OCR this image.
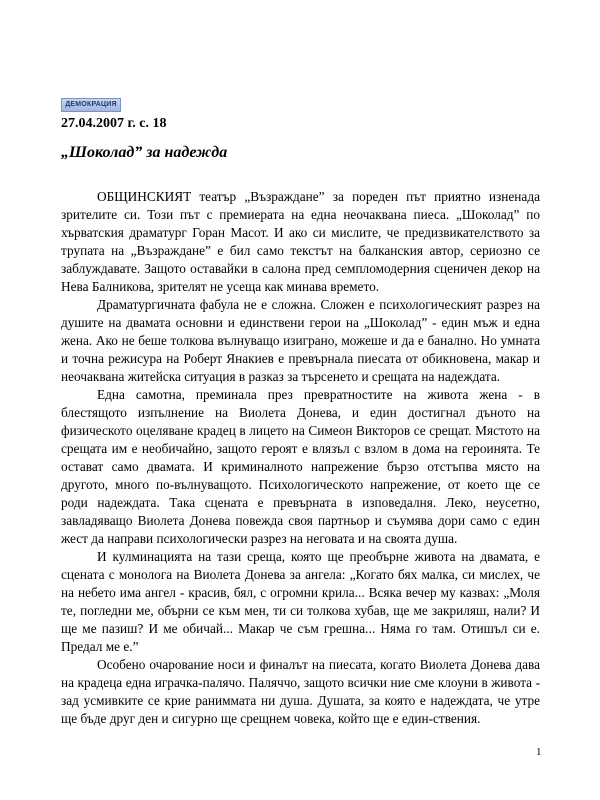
ДЕМОКРАЦИЯ
27.04.2007 г. с. 18
„Шоколад” за надежда

ОБЩИНСКИЯТ театър „Възраждане” за пореден път приятно изненада зрителите си. Този път с премиерата на една неочаквана пиеса. „Шоколад” по хърватския драматург Горан Масот. И ако си мислите, че предизвикателството за трупата на „Възраждане” е бил само текстът на балканския автор, сериозно се заблуждавате. Защото оставайки в салона пред семпломодерния сценичен декор на Нева Балникова, зрителят не усеща как минава времето.

Драматургичната фабула не е сложна. Сложен е психологическият разрез на душите на двамата основни и единствени герои на „Шоколад” - един мъж и една жена. Ако не беше толкова вълнуващо изиграно, можеше и да е банално. Но умната и точна режисура на Роберт Янакиев е превърнала пиесата от обикновена, макар и неочаквана житейска ситуация в разказ за търсенето и срещата на надеждата.

Една самотна, преминала през превратностите на живота жена - в блестящото изпълнение на Виолета Донева, и един достигнал дъното на физическото оцеляване крадец в лицето на Симеон Викторов се срещат. Мястото на срещата им е необичайно, защото героят е влязъл с взлом в дома на героинята. Те остават само двамата. И криминалното напрежение бързо отстъпва място на другото, много по-вълнуващото. Психологическото напрежение, от което ще се роди надеждата. Така сцената е превърната в изповедалня. Леко, неусетно, завладяващо Виолета Донева повежда своя партньор и съумява дори само с един жест да направи психологически разрез на неговата и на своята душа.

И кулминацията на тази среща, която ще преобърне живота на двамата, е сцената с монолога на Виолета Донева за ангела: „Когато бях малка, си мислех, че на небето има ангел - красив, бял, с огромни крила... Всяка вечер му казвах: „Моля те, погледни ме, обърни се към мен, ти си толкова хубав, ще ме закриляш, нали? И ще ме пазиш? И ме обичай... Макар че съм грешна... Няма го там. Отишъл си е. Предал ме е.”

Особено очарование носи и финалът на пиесата, когато Виолета Донева дава на крадеца една играчка-палячо. Паляччо, защото всички ние сме клоуни в живота - зад усмивките се крие раниммата ни душа. Душата, за която е надеждата, че утре ще бъде друг ден и сигурно ще срещнем човека, който ще е един-ствения.

1
